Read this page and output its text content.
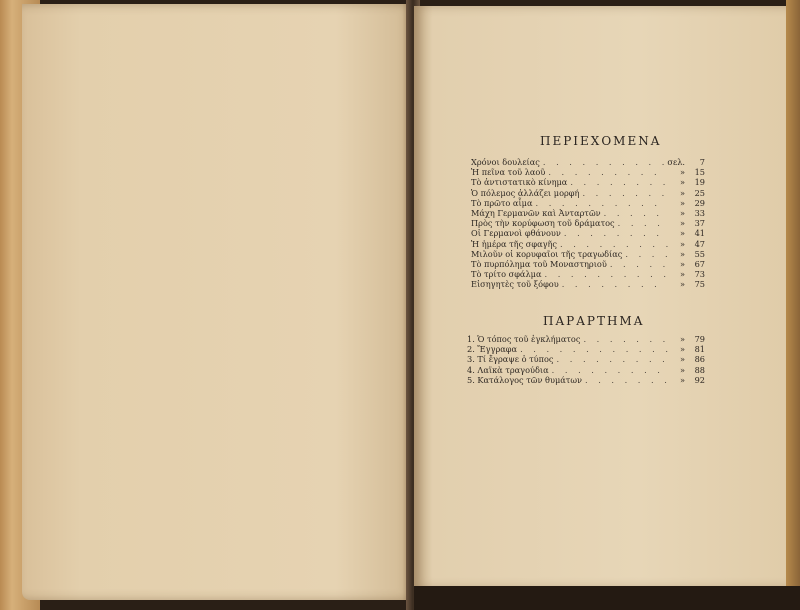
ΠΕΡΙΕΧΟΜΕΝΑ
Χρόνοι δουλείας . . .	σελ.	7
Ἡ πεῖνα τοῦ λαοῦ . . .	» 15
Τὸ ἀντιστατικὸ κίνημα . . .	» 19
Ὁ πόλεμος ἀλλάζει μορφή . . .	» 25
Τὸ πρῶτο αἷμα . . .	» 29
Μάχη Γερμανῶν καὶ Ἀνταρτῶν . . .	» 33
Πρὸς τὴν κορύφωση τοῦ δράματος . . .	» 37
Οἱ Γερμανοὶ φθάνουν . . .	» 41
Ἡ ἡμέρα τῆς σφαγῆς . . .	» 47
Μιλοῦν οἱ κορυφαῖοι τῆς τραγωδίας . . .	» 55
Τὸ πυρπόλημα τοῦ Μοναστηριοῦ . . .	» 67
Τὸ τρίτο σφάλμα . . .	» 73
Εἰσηγητὲς τοῦ ξόφου . . .	» 75
ΠΑΡΑΡΤΗΜΑ
1. Ὁ τόπος τοῦ ἐγκλήματος . . .	» 79
2. Ἔγγραφα . . .	» 81
3. Τί ἔγραψε ὁ τύπος . . .	» 86
4. Λαϊκὰ τραγούδια . . .	» 88
5. Κατάλογος τῶν θυμάτων . . .	» 92
